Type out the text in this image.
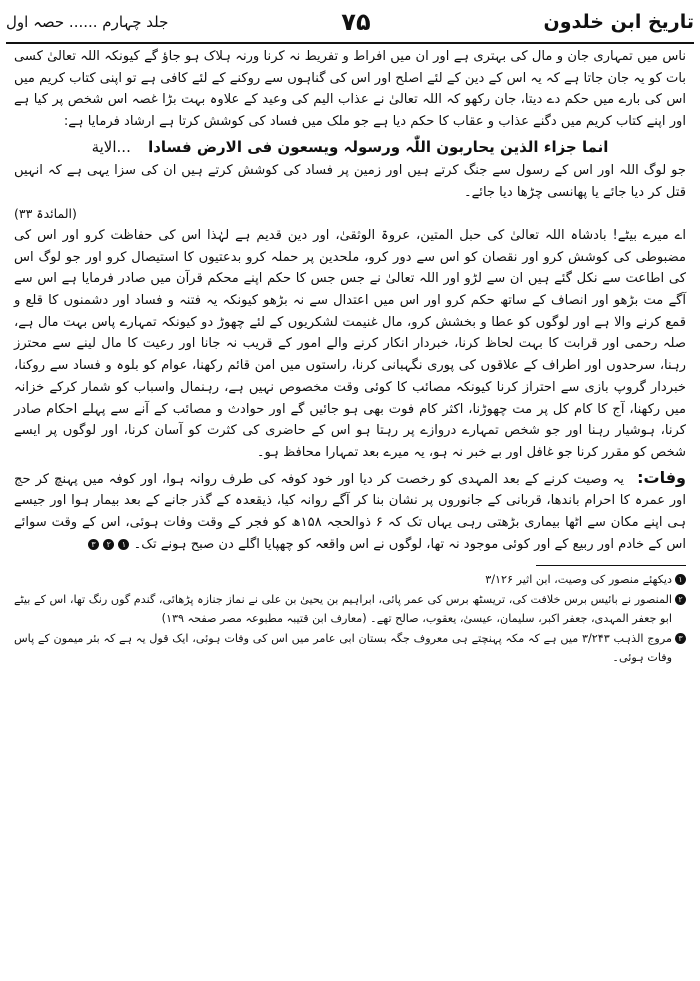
تاریخ ابن خلدون
۷۵
جلد چہارم ...... حصہ اول

ناس میں تمہاری جان و مال کی بہتری ہے اور ان میں افراط و تفریط نہ کرنا ورنہ ہلاک ہو جاؤ گے کیونکہ اللہ تعالیٰ کسی بات کو یہ جان جاتا ہے کہ یہ اس کے دین کے لئے اصلح اور اس کی گناہوں سے روکنے کے لئے کافی ہے تو اپنی کتاب کریم میں اس کی بارے میں حکم دے دیتا، جان رکھو کہ اللہ تعالیٰ نے عذاب الیم کی وعید کے علاوہ بہت بڑا غصہ اس شخص پر کیا ہے اور اپنے کتاب کریم میں دگنے عذاب و عقاب کا حکم دیا ہے جو ملک میں فساد کی کوشش کرتا ہے ارشاد فرمایا ہے:

انما جزاء الذین یحاربون اللّٰہ ورسولہ ویسعون فی الارض فسادا ...الایة

جو لوگ اللہ اور اس کے رسول سے جنگ کرتے ہیں اور زمین پر فساد کی کوشش کرتے ہیں ان کی سزا یہی ہے کہ انہیں قتل کر دیا جائے یا پھانسی چڑھا دیا جائے۔
(المائدۃ ۳۳)

اے میرے بیٹے! بادشاہ اللہ تعالیٰ کی حبل المتین، عروۃ الوثقیٰ، اور دین قدیم ہے لہٰذا اس کی حفاظت کرو اور اس کی مضبوطی کی کوشش کرو اور نقصان کو اس سے دور کرو، ملحدین پر حملہ کرو بدعتیوں کا استیصال کرو اور جو لوگ اس کی اطاعت سے نکل گئے ہیں ان سے لڑو اور اللہ تعالیٰ نے جس جس کا حکم اپنے محکم قرآن میں صادر فرمایا ہے اس سے آگے مت بڑھو اور انصاف کے ساتھ حکم کرو اور اس میں اعتدال سے نہ بڑھو کیونکہ یہ فتنہ و فساد اور دشمنوں کا قلع و قمع کرنے والا ہے اور لوگوں کو عطا و بخشش کرو، مال غنیمت لشکریوں کے لئے چھوڑ دو کیونکہ تمہارے پاس بہت مال ہے، صلہ رحمی اور قرابت کا بہت لحاظ کرنا، خبردار انکار کرنے والے امور کے قریب نہ جانا اور رعیت کا مال لینے سے محترز رہنا، سرحدوں اور اطراف کے علاقوں کی پوری نگہبانی کرنا، راستوں میں امن قائم رکھنا، عوام کو بلوہ و فساد سے روکنا، خبردار گروپ بازی سے احتراز کرنا کیونکہ مصائب کا کوئی وقت مخصوص نہیں ہے، رہنمال واسباب کو شمار کرکے خزانہ میں رکھنا، آج کا کام کل پر مت چھوڑنا، اکثر کام فوت بھی ہو جائیں گے اور حوادث و مصائب کے آنے سے پہلے احکام صادر کرنا، ہوشیار رہنا اور جو شخص تمہارے دروازے پر رہتا ہو اس کے حاضری کی کثرت کو آسان کرنا، اور لوگوں پر ایسے شخص کو مقرر کرنا جو غافل اور بے خبر نہ ہو، یہ میرے بعد تمہارا محافظ ہو۔

وفات: یہ وصیت کرنے کے بعد المہدی کو رخصت کر دیا اور خود کوفہ کی طرف روانہ ہوا، اور کوفہ میں پہنچ کر حج اور عمرہ کا احرام باندھا، قربانی کے جانوروں پر نشان بنا کر آگے روانہ کیا، ذیقعدہ کے گذر جانے کے بعد بیمار ہوا اور جیسے ہی اپنے مکان سے اٹھا بیماری بڑھتی رہی یہاں تک کہ ۶ ذوالحجہ ۱۵۸ھ کو فجر کے وقت وفات ہوئی، اس کے وقت سوائے اس کے خادم اور ربیع کے اور کوئی موجود نہ تھا، لوگوں نے اس واقعہ کو چھپایا اگلے دن صبح ہونے تک۔ ۱ ۲ ۳

۱
دیکھئے منصور کی وصیت، ابن اثیر ۳/۱۲۶

۲
المنصور نے بائیس برس خلافت کی، تریسٹھ برس کی عمر پائی، ابراہیم بن یحییٰ بن علی نے نماز جنازہ پڑھائی، گندم گوں رنگ تھا، اس کے بیٹے ابو جعفر المہدی، جعفر اکبر، سلیمان، عیسیٰ، یعقوب، صالح تھے۔ (معارف ابن قتیبہ مطبوعہ مصر صفحہ ۱۳۹)

۳
مروج الذہب ۳/۲۴۳ میں ہے کہ مکہ پہنچتے ہی معروف جگہ بستان ابی عامر میں اس کی وفات ہوئی، ایک قول یہ ہے کہ بئر میمون کے پاس وفات ہوئی۔
